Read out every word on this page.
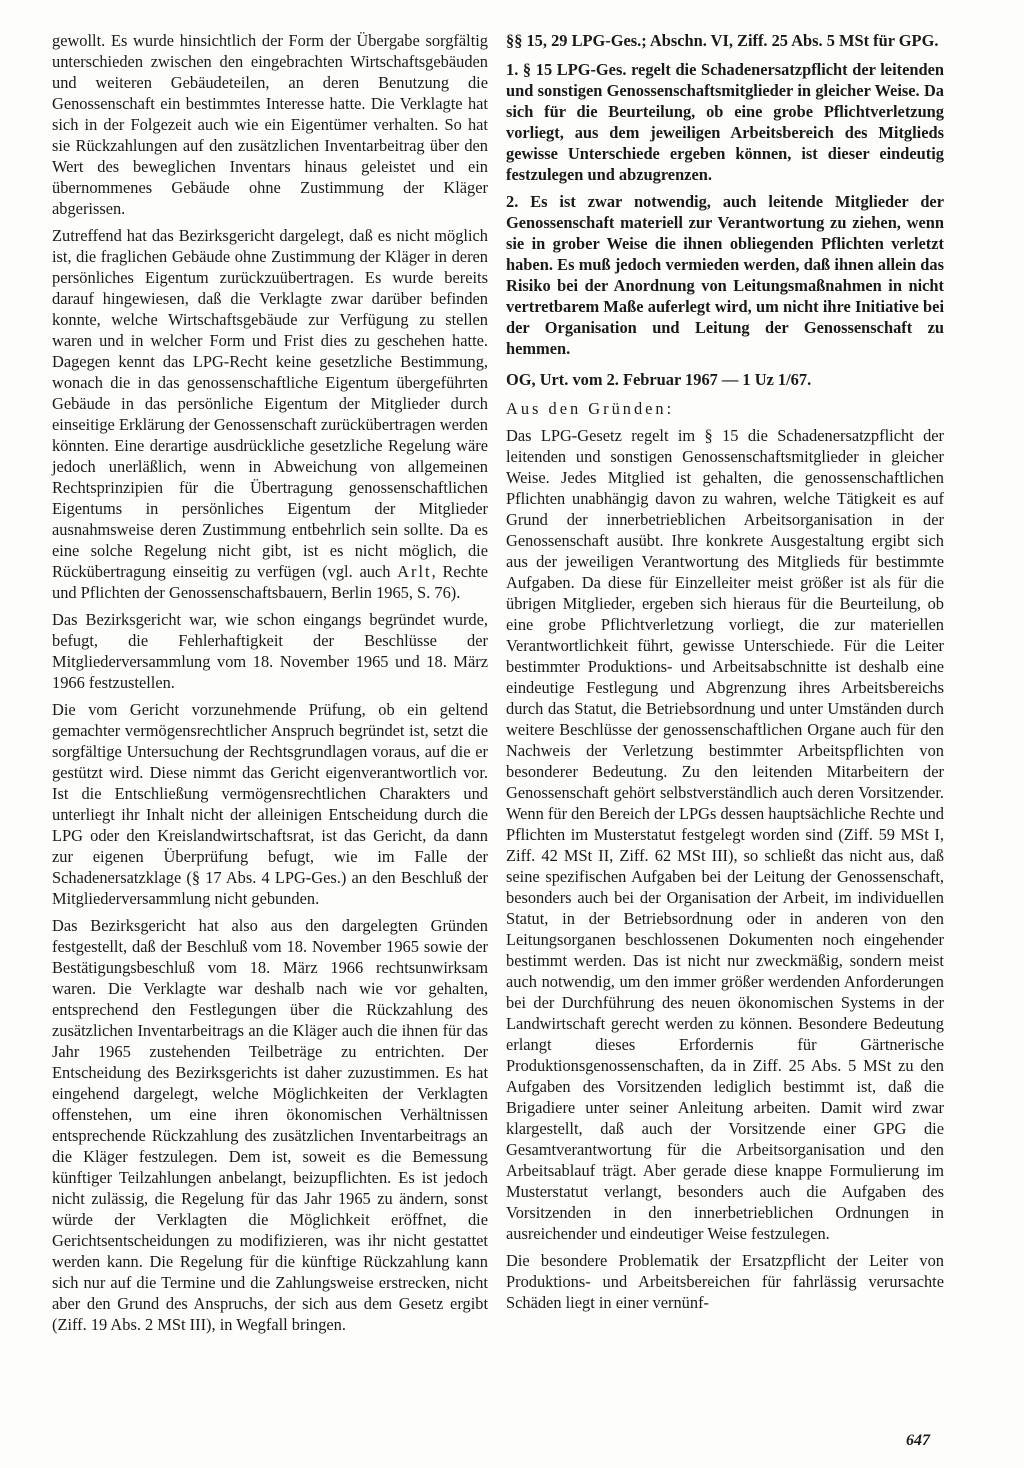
gewollt. Es wurde hinsichtlich der Form der Übergabe sorgfältig unterschieden zwischen den eingebrachten Wirtschaftsgebäuden und weiteren Gebäudeteilen, an deren Benutzung die Genossenschaft ein bestimmtes Interesse hatte. Die Verklagte hat sich in der Folgezeit auch wie ein Eigentümer verhalten. So hat sie Rückzahlungen auf den zusätzlichen Inventarbeitrag über den Wert des beweglichen Inventars hinaus geleistet und ein übernommenes Gebäude ohne Zustimmung der Kläger abgerissen.

Zutreffend hat das Bezirksgericht dargelegt, daß es nicht möglich ist, die fraglichen Gebäude ohne Zustimmung der Kläger in deren persönliches Eigentum zurückzuübertragen. Es wurde bereits darauf hingewiesen, daß die Verklagte zwar darüber befinden konnte, welche Wirtschaftsgebäude zur Verfügung zu stellen waren und in welcher Form und Frist dies zu geschehen hatte. Dagegen kennt das LPG-Recht keine gesetzliche Bestimmung, wonach die in das genossenschaftliche Eigentum übergeführten Gebäude in das persönliche Eigentum der Mitglieder durch einseitige Erklärung der Genossenschaft zurückübertragen werden könnten. Eine derartige ausdrückliche gesetzliche Regelung wäre jedoch unerläßlich, wenn in Abweichung von allgemeinen Rechtsprinzipien für die Übertragung genossenschaftlichen Eigentums in persönliches Eigentum der Mitglieder ausnahmsweise deren Zustimmung entbehrlich sein sollte. Da es eine solche Regelung nicht gibt, ist es nicht möglich, die Rückübertragung einseitig zu verfügen (vgl. auch Arlt, Rechte und Pflichten der Genossenschaftsbauern, Berlin 1965, S. 76).

Das Bezirksgericht war, wie schon eingangs begründet wurde, befugt, die Fehlerhaftigkeit der Beschlüsse der Mitgliederversammlung vom 18. November 1965 und 18. März 1966 festzustellen.

Die vom Gericht vorzunehmende Prüfung, ob ein geltend gemachter vermögensrechtlicher Anspruch begründet ist, setzt die sorgfältige Untersuchung der Rechtsgrundlagen voraus, auf die er gestützt wird. Diese nimmt das Gericht eigenverantwortlich vor. Ist die Entschließung vermögensrechtlichen Charakters und unterliegt ihr Inhalt nicht der alleinigen Entscheidung durch die LPG oder den Kreislandwirtschaftsrat, ist das Gericht, da dann zur eigenen Überprüfung befugt, wie im Falle der Schadenersatzklage (§ 17 Abs. 4 LPG-Ges.) an den Beschluß der Mitgliederversammlung nicht gebunden.

Das Bezirksgericht hat also aus den dargelegten Gründen festgestellt, daß der Beschluß vom 18. November 1965 sowie der Bestätigungsbeschluß vom 18. März 1966 rechtsunwirksam waren. Die Verklagte war deshalb nach wie vor gehalten, entsprechend den Festlegungen über die Rückzahlung des zusätzlichen Inventarbeitrags an die Kläger auch die ihnen für das Jahr 1965 zustehenden Teilbeträge zu entrichten. Der Entscheidung des Bezirksgerichts ist daher zuzustimmen. Es hat eingehend dargelegt, welche Möglichkeiten der Verklagten offenstehen, um eine ihren ökonomischen Verhältnissen entsprechende Rückzahlung des zusätzlichen Inventarbeitrags an die Kläger festzulegen. Dem ist, soweit es die Bemessung künftiger Teilzahlungen anbelangt, beizupflichten. Es ist jedoch nicht zulässig, die Regelung für das Jahr 1965 zu ändern, sonst würde der Verklagten die Möglichkeit eröffnet, die Gerichtsentscheidungen zu modifizieren, was ihr nicht gestattet werden kann. Die Regelung für die künftige Rückzahlung kann sich nur auf die Termine und die Zahlungsweise erstrecken, nicht aber den Grund des Anspruchs, der sich aus dem Gesetz ergibt (Ziff. 19 Abs. 2 MSt III), in Wegfall bringen.

§§ 15, 29 LPG-Ges.; Abschn. VI, Ziff. 25 Abs. 5 MSt für GPG.

1. § 15 LPG-Ges. regelt die Schadenersatzpflicht der leitenden und sonstigen Genossenschaftsmitglieder in gleicher Weise. Da sich für die Beurteilung, ob eine grobe Pflichtverletzung vorliegt, aus dem jeweiligen Arbeitsbereich des Mitglieds gewisse Unterschiede ergeben können, ist dieser eindeutig festzulegen und abzugrenzen.

2. Es ist zwar notwendig, auch leitende Mitglieder der Genossenschaft materiell zur Verantwortung zu ziehen, wenn sie in grober Weise die ihnen obliegenden Pflichten verletzt haben. Es muß jedoch vermieden werden, daß ihnen allein das Risiko bei der Anordnung von Leitungsmaßnahmen in nicht vertretbarem Maße auferlegt wird, um nicht ihre Initiative bei der Organisation und Leitung der Genossenschaft zu hemmen.

OG, Urt. vom 2. Februar 1967 — 1 Uz 1/67.

Aus den Gründen:

Das LPG-Gesetz regelt im § 15 die Schadenersatzpflicht der leitenden und sonstigen Genossenschaftsmitglieder in gleicher Weise. Jedes Mitglied ist gehalten, die genossenschaftlichen Pflichten unabhängig davon zu wahren, welche Tätigkeit es auf Grund der innerbetrieblichen Arbeitsorganisation in der Genossenschaft ausübt. Ihre konkrete Ausgestaltung ergibt sich aus der jeweiligen Verantwortung des Mitglieds für bestimmte Aufgaben. Da diese für Einzelleiter meist größer ist als für die übrigen Mitglieder, ergeben sich hieraus für die Beurteilung, ob eine grobe Pflichtverletzung vorliegt, die zur materiellen Verantwortlichkeit führt, gewisse Unterschiede. Für die Leiter bestimmter Produktions- und Arbeitsabschnitte ist deshalb eine eindeutige Festlegung und Abgrenzung ihres Arbeitsbereichs durch das Statut, die Betriebsordnung und unter Umständen durch weitere Beschlüsse der genossenschaftlichen Organe auch für den Nachweis der Verletzung bestimmter Arbeitspflichten von besonderer Bedeutung. Zu den leitenden Mitarbeitern der Genossenschaft gehört selbstverständlich auch deren Vorsitzender. Wenn für den Bereich der LPGs dessen hauptsächliche Rechte und Pflichten im Musterstatut festgelegt worden sind (Ziff. 59 MSt I, Ziff. 42 MSt II, Ziff. 62 MSt III), so schließt das nicht aus, daß seine spezifischen Aufgaben bei der Leitung der Genossenschaft, besonders auch bei der Organisation der Arbeit, im individuellen Statut, in der Betriebsordnung oder in anderen von den Leitungsorganen beschlossenen Dokumenten noch eingehender bestimmt werden. Das ist nicht nur zweckmäßig, sondern meist auch notwendig, um den immer größer werdenden Anforderungen bei der Durchführung des neuen ökonomischen Systems in der Landwirtschaft gerecht werden zu können. Besondere Bedeutung erlangt dieses Erfordernis für Gärtnerische Produktionsgenossenschaften, da in Ziff. 25 Abs. 5 MSt zu den Aufgaben des Vorsitzenden lediglich bestimmt ist, daß die Brigadiere unter seiner Anleitung arbeiten. Damit wird zwar klargestellt, daß auch der Vorsitzende einer GPG die Gesamtverantwortung für die Arbeitsorganisation und den Arbeitsablauf trägt. Aber gerade diese knappe Formulierung im Musterstatut verlangt, besonders auch die Aufgaben des Vorsitzenden in den innerbetrieblichen Ordnungen in ausreichender und eindeutiger Weise festzulegen.

Die besondere Problematik der Ersatzpflicht der Leiter von Produktions- und Arbeitsbereichen für fahrlässig verursachte Schäden liegt in einer vernünf-

647
